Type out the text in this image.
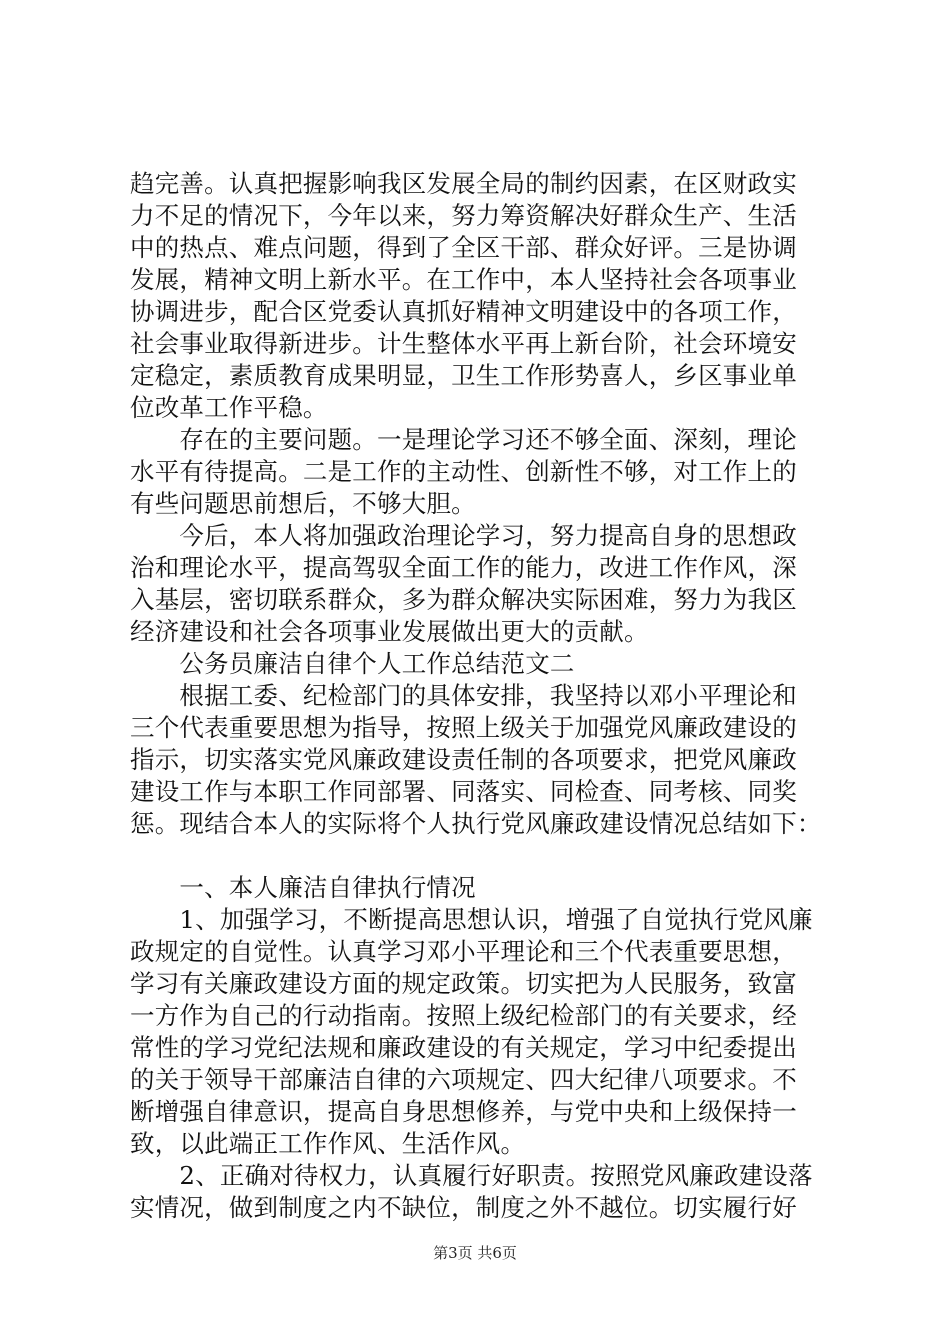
趋完善。认真把握影响我区发展全局的制约因素，在区财政实
力不足的情况下，今年以来，努力筹资解决好群众生产、生活
中的热点、难点问题，得到了全区干部、群众好评。三是协调
发展，精神文明上新水平。在工作中，本人坚持社会各项事业
协调进步，配合区党委认真抓好精神文明建设中的各项工作，
社会事业取得新进步。计生整体水平再上新台阶，社会环境安
定稳定，素质教育成果明显，卫生工作形势喜人，乡区事业单
位改革工作平稳。
　　存在的主要问题。一是理论学习还不够全面、深刻，理论
水平有待提高。二是工作的主动性、创新性不够，对工作上的
有些问题思前想后，不够大胆。
　　今后，本人将加强政治理论学习，努力提高自身的思想政
治和理论水平，提高驾驭全面工作的能力，改进工作作风，深
入基层，密切联系群众，多为群众解决实际困难，努力为我区
经济建设和社会各项事业发展做出更大的贡献。
　　公务员廉洁自律个人工作总结范文二
　　根据工委、纪检部门的具体安排，我坚持以邓小平理论和
三个代表重要思想为指导，按照上级关于加强党风廉政建设的
指示，切实落实党风廉政建设责任制的各项要求，把党风廉政
建设工作与本职工作同部署、同落实、同检查、同考核、同奖
惩。现结合本人的实际将个人执行党风廉政建设情况总结如下：
　　一、本人廉洁自律执行情况
　　1、加强学习，不断提高思想认识，增强了自觉执行党风廉
政规定的自觉性。认真学习邓小平理论和三个代表重要思想，
学习有关廉政建设方面的规定政策。切实把为人民服务，致富
一方作为自己的行动指南。按照上级纪检部门的有关要求，经
常性的学习党纪法规和廉政建设的有关规定，学习中纪委提出
的关于领导干部廉洁自律的六项规定、四大纪律八项要求。不
断增强自律意识，提高自身思想修养，与党中央和上级保持一
致，以此端正工作作风、生活作风。
　　2、正确对待权力，认真履行好职责。按照党风廉政建设落
实情况，做到制度之内不缺位，制度之外不越位。切实履行好
第3页 共6页
